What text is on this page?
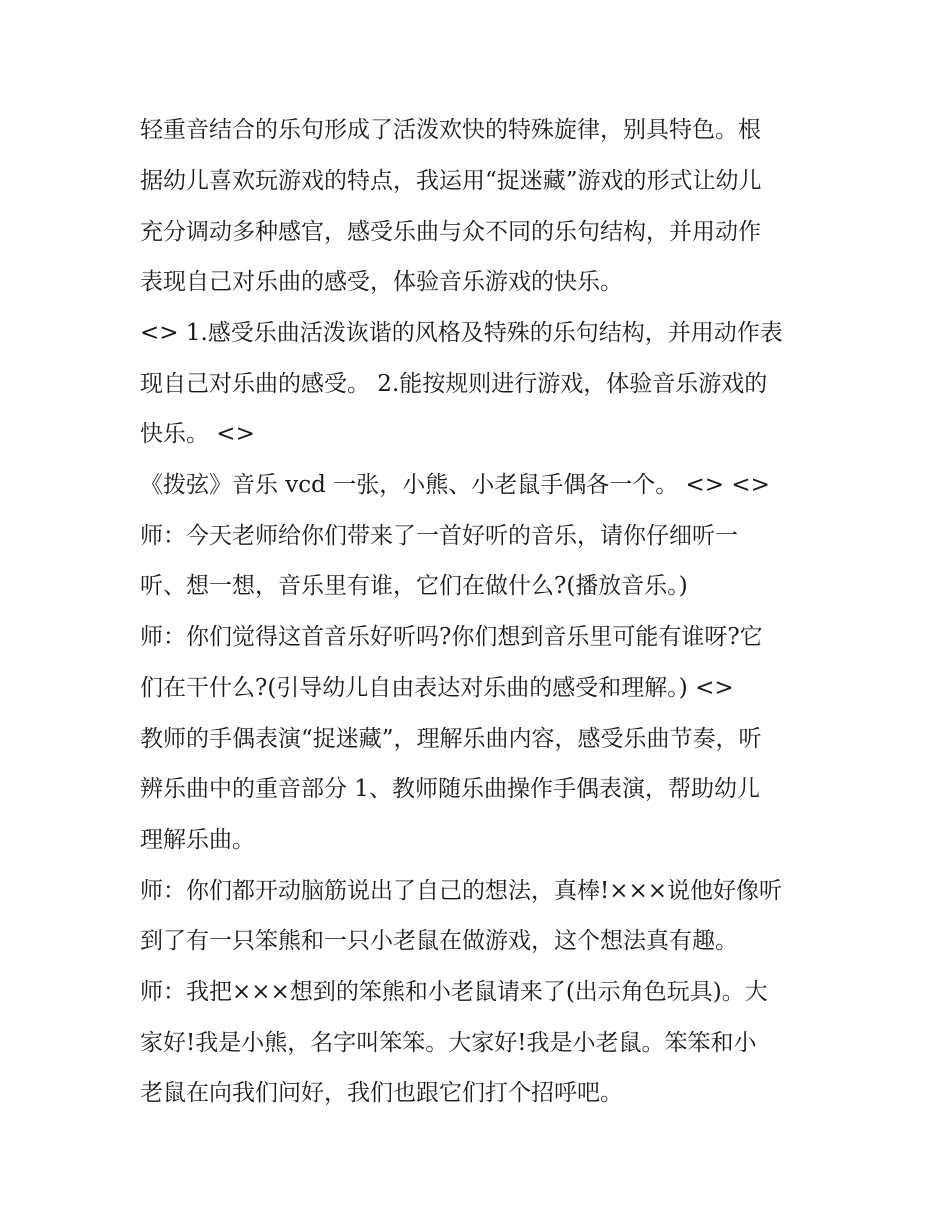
轻重音结合的乐句形成了活泼欢快的特殊旋律，别具特色。根

据幼儿喜欢玩游戏的特点，我运用“捉迷藏”游戏的形式让幼儿

充分调动多种感官，感受乐曲与众不同的乐句结构，并用动作

表现自己对乐曲的感受，体验音乐游戏的快乐。

<> 1.感受乐曲活泼诙谐的风格及特殊的乐句结构，并用动作表

现自己对乐曲的感受。 2.能按规则进行游戏，体验音乐游戏的

快乐。 <>

《拨弦》音乐 vcd 一张，小熊、小老鼠手偶各一个。 <> <>

师：今天老师给你们带来了一首好听的音乐，请你仔细听一

听、想一想，音乐里有谁，它们在做什么?(播放音乐。)

师：你们觉得这首音乐好听吗?你们想到音乐里可能有谁呀?它

们在干什么?(引导幼儿自由表达对乐曲的感受和理解。) <>

教师的手偶表演“捉迷藏”，理解乐曲内容，感受乐曲节奏，听

辨乐曲中的重音部分 1、教师随乐曲操作手偶表演，帮助幼儿

理解乐曲。

师：你们都开动脑筋说出了自己的想法，真棒!×××说他好像听

到了有一只笨熊和一只小老鼠在做游戏，这个想法真有趣。

师：我把×××想到的笨熊和小老鼠请来了(出示角色玩具)。大

家好!我是小熊，名字叫笨笨。大家好!我是小老鼠。笨笨和小

老鼠在向我们问好，我们也跟它们打个招呼吧。
